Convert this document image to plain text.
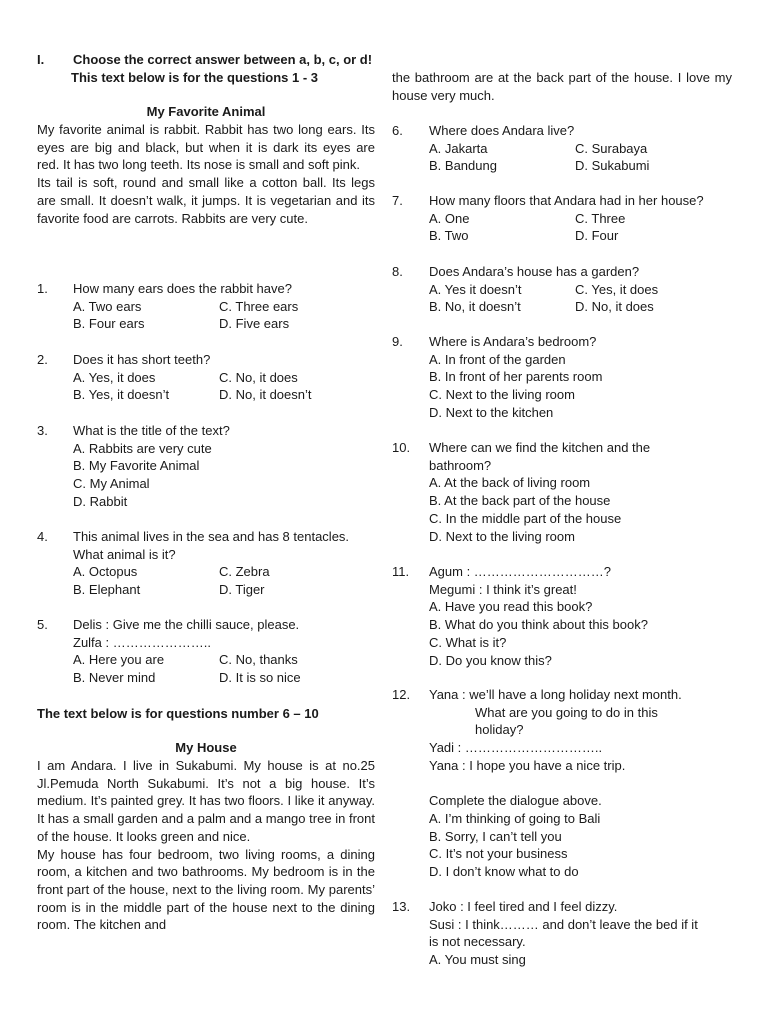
I. Choose the correct answer between a, b, c, or d!
This text below is for the questions 1 - 3
My Favorite Animal

My favorite animal is rabbit. Rabbit has two long ears. Its eyes are big and black, but when it is dark its eyes are red. It has two long teeth. Its nose is small and soft pink.

Its tail is soft, round and small like a cotton ball. Its legs are small. It doesn’t walk, it jumps. It is vegetarian and its favorite food are carrots. Rabbits are very cute.

1. How many ears does the rabbit have?
A. Two ears	C. Three ears
B. Four ears	D. Five ears
2. Does it has short teeth?
A. Yes, it does	C. No, it does
B. Yes, it doesn’t	D. No, it doesn’t
3. What is the title of the text?
A. Rabbits are very cute
B. My Favorite Animal
C. My Animal
D. Rabbit
4. This animal lives in the sea and has 8 tentacles.
What animal is it?
A. Octopus	C. Zebra
B. Elephant	D. Tiger
5. Delis : Give me the chilli sauce, please.
Zulfa : …………………..
A. Here you are	C. No, thanks
B. Never mind	D. It is so nice
The text below is for questions number 6 – 10
My House

I am Andara. I live in Sukabumi. My house is at no.25 Jl.Pemuda North Sukabumi. It’s not a big house. It’s medium. It’s painted grey. It has two floors. I like it anyway. It has a small garden and a palm and a mango tree in front of the house. It looks green and nice.

My house has four bedroom, two living rooms, a dining room, a kitchen and two bathrooms. My bedroom is in the front part of the house, next to the living room. My parents’ room is in the middle part of the house next to the dining room. The kitchen and

the bathroom are at the back part of the house. I love my house very much.

6. Where does Andara live?
A. Jakarta	C. Surabaya
B. Bandung	D. Sukabumi
7. How many floors that Andara had in her house?
A. One	C. Three
B. Two	D. Four
8. Does Andara’s house has a garden?
A. Yes it doesn’t	C. Yes, it does
B. No, it doesn’t	D. No, it does
9. Where is Andara’s bedroom?
A. In front of the garden
B. In front of her parents room
C. Next to the living room
D. Next to the kitchen
10. Where can we find the kitchen and the
bathroom?
A. At the back of living room
B. At the back part of the house
C. In the middle part of the house
D. Next to the living room
11. Agum : …………………………?
Megumi : I think it’s great!
A. Have you read this book?
B. What do you think about this book?
C. What is it?
D. Do you know this?
12. Yana : we’ll have a long holiday next month.
What are you going to do in this
holiday?
Yadi : …………………………..
Yana : I hope you have a nice trip.
Complete the dialogue above.
A. I’m thinking of going to Bali
B. Sorry, I can’t tell you
C. It’s not your business
D. I don’t know what to do
13. Joko : I feel tired and I feel dizzy.
Susi : I think……… and don’t leave the bed if it
is not necessary.
A. You must sing
